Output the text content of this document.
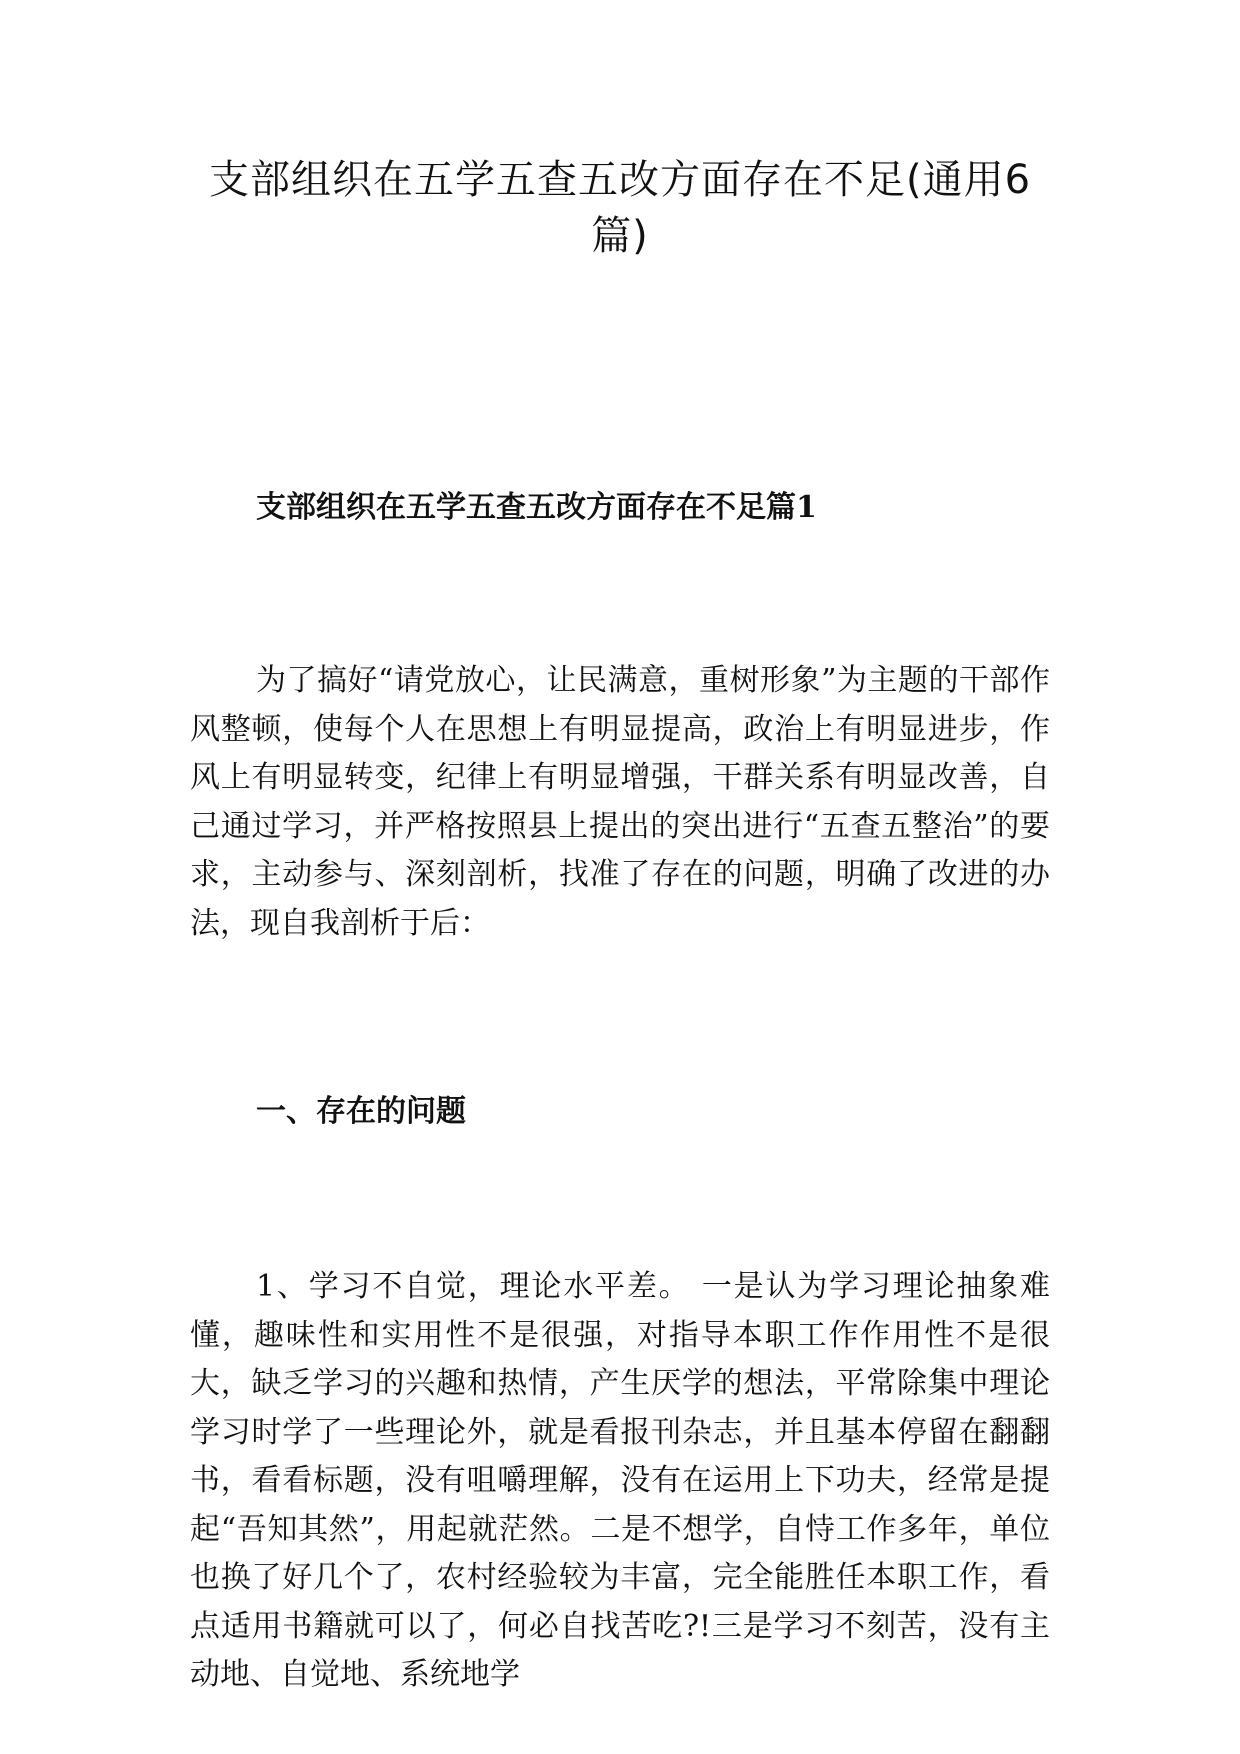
支部组织在五学五查五改方面存在不足(通用6篇)
支部组织在五学五查五改方面存在不足篇1

为了搞好“请党放心，让民满意，重树形象”为主题的干部作风整顿，使每个人在思想上有明显提高，政治上有明显进步，作风上有明显转变，纪律上有明显增强，干群关系有明显改善，自己通过学习，并严格按照县上提出的突出进行“五查五整治”的要求，主动参与、深刻剖析，找准了存在的问题，明确了改进的办法，现自我剖析于后：

一、存在的问题

1、学习不自觉，理论水平差。 一是认为学习理论抽象难懂，趣味性和实用性不是很强，对指导本职工作作用性不是很大，缺乏学习的兴趣和热情，产生厌学的想法，平常除集中理论学习时学了一些理论外，就是看报刊杂志，并且基本停留在翻翻书，看看标题，没有咀嚼理解，没有在运用上下功夫，经常是提起“吾知其然”，用起就茫然。二是不想学，自恃工作多年，单位也换了好几个了，农村经验较为丰富，完全能胜任本职工作，看点适用书籍就可以了，何必自找苦吃?!三是学习不刻苦，没有主动地、自觉地、系统地学
